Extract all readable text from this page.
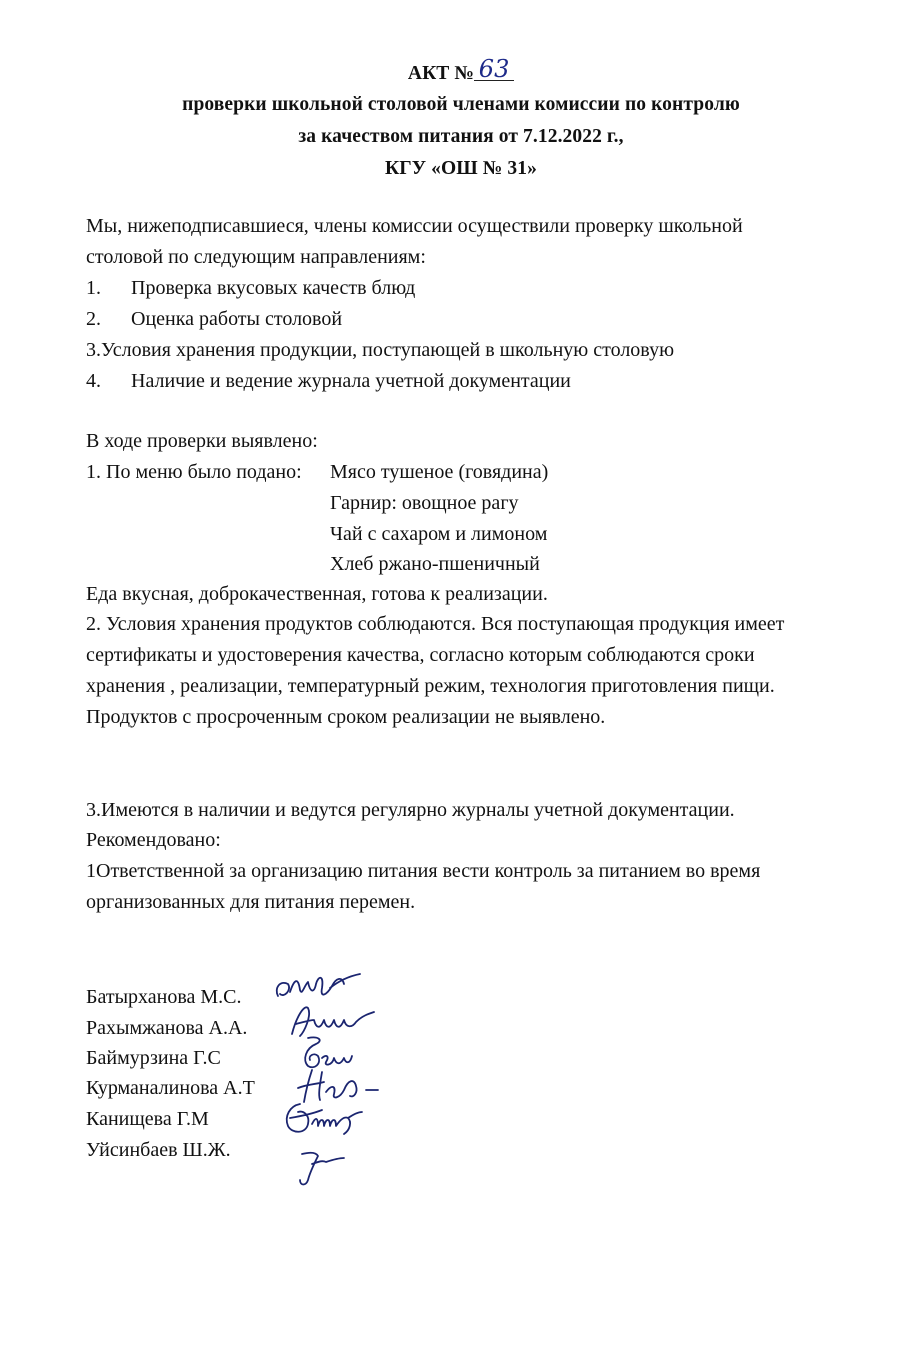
АКТ № 63
проверки школьной столовой членами комиссии по контролю
за качеством питания от 7.12.2022 г.,
КГУ «ОШ № 31»
Мы, нижеподписавшиеся, члены комиссии осуществили проверку школьной
столовой по следующим направлениям:
1. Проверка вкусовых качеств блюд
2. Оценка работы столовой
3.Условия хранения продукции, поступающей в школьную столовую
4. Наличие и ведение журнала учетной документации
В ходе проверки выявлено:
1. По меню было подано: Мясо тушеное (говядина)
Гарнир: овощное рагу
Чай с сахаром и лимоном
Хлеб ржано-пшеничный
Еда вкусная, доброкачественная, готова к реализации.
2. Условия хранения продуктов соблюдаются. Вся поступающая продукция имеет
сертификаты и удостоверения качества, согласно которым соблюдаются сроки
хранения , реализации, температурный режим, технология приготовления пищи.
Продуктов с просроченным сроком реализации не выявлено.
3.Имеются в наличии и ведутся регулярно журналы учетной документации.
Рекомендовано:
1Ответственной за организацию питания вести контроль за питанием во время
организованных для питания перемен.
Батырханова М.С.
Рахымжанова А.А.
Баймурзина Г.С
Курманалинова А.Т
Канищева Г.М
Уйсинбаев Ш.Ж.
